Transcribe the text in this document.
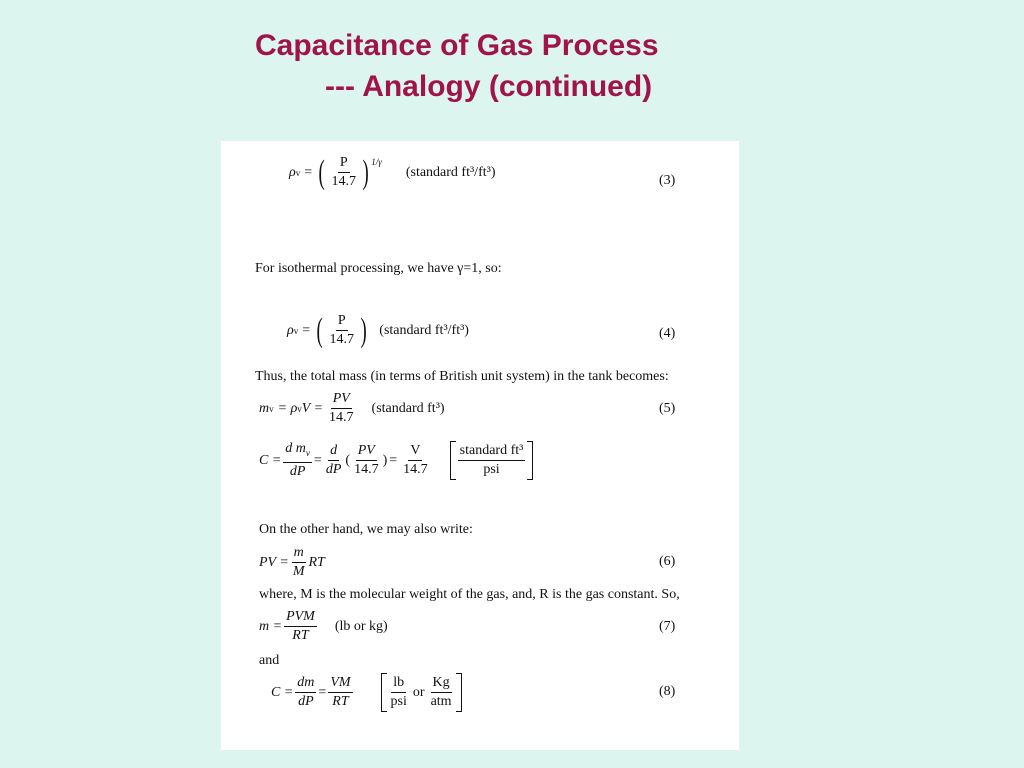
Capacitance of Gas Process
--- Analogy (continued)
ρ v = ( $\frac{P}{14.7}$ ) $^{1/\gamma}$
(standard ft³/ft³)
(3)
For isothermal processing, we have γ=1, so:
ρ v = ( $\frac{P}{14.7}$ ) (standard ft³/ft³)	(4)
Thus, the total mass (in terms of British unit system) in the tank becomes:
m v = ρ v $V = \frac{PV}{14.7}$ (standard ft³)	(5)
$C = \frac{d m_v}{dP} = \frac{d}{dP}$ ( $\frac{PV}{14.7}$ ) = $\frac{V}{14.7} \frac{\text{standard ft³}}{\text{psi}}$
On the other hand, we may also write:
PV = $\frac{m}{M}$ RT	(6)
where, M is the molecular weight of the gas, and, R is the gas constant. So,
$m = \frac{\text{PVM}}{RT} (lb$ or kg)	(7)
and
$C = \frac{dm}{dP} = \frac{VM}{RT}$	$\frac{lb}{\text{psi}}$ or $\frac{Kg}{\text{atm}}$	(8)
